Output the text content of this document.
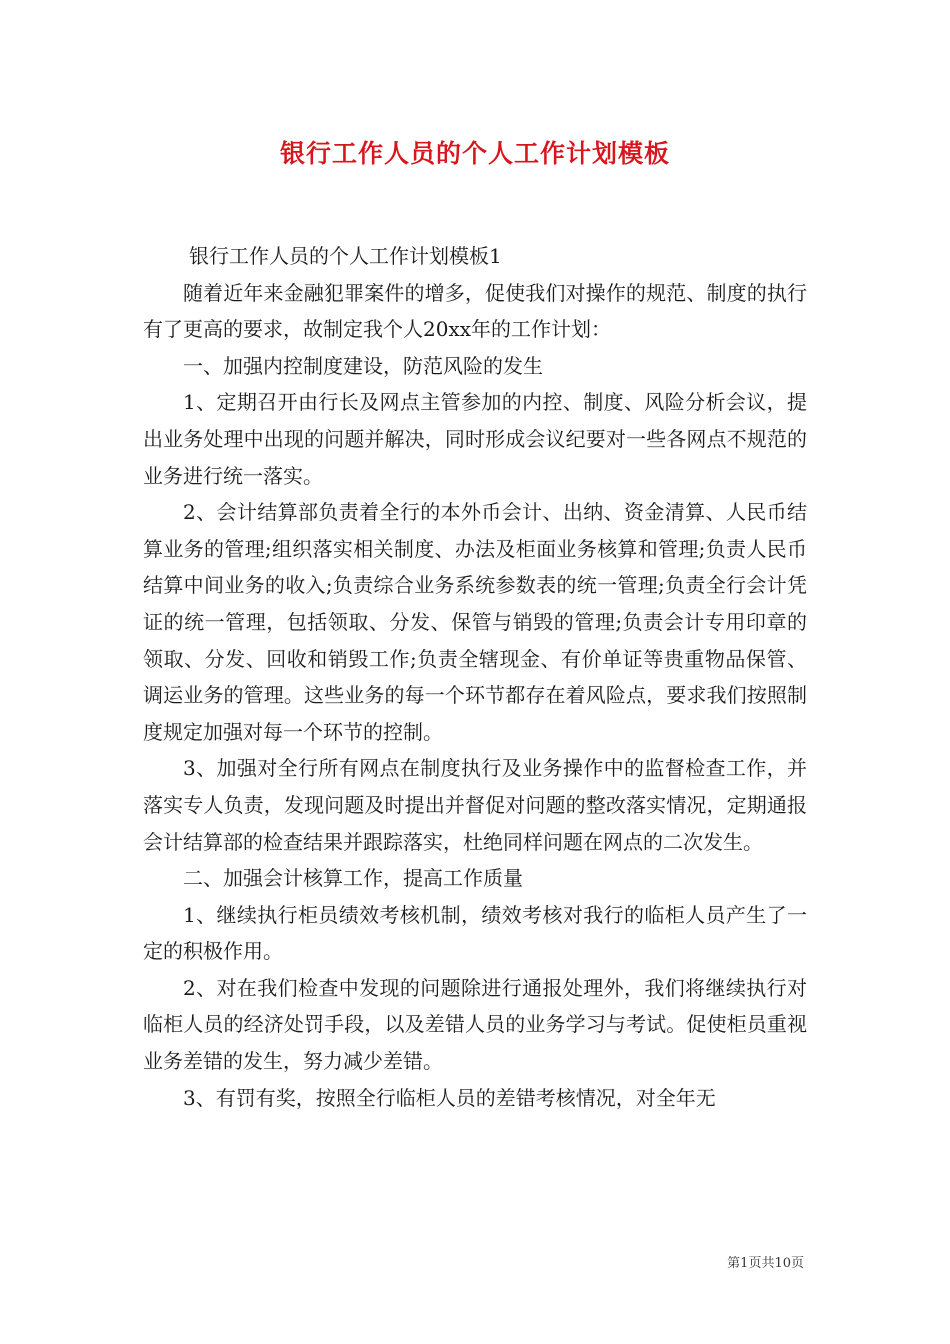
银行工作人员的个人工作计划模板

银行工作人员的个人工作计划模板1

随着近年来金融犯罪案件的增多，促使我们对操作的规范、制度的执行有了更高的要求，故制定我个人20xx年的工作计划：

一、加强内控制度建设，防范风险的发生

1、定期召开由行长及网点主管参加的内控、制度、风险分析会议，提出业务处理中出现的问题并解决，同时形成会议纪要对一些各网点不规范的业务进行统一落实。

2、会计结算部负责着全行的本外币会计、出纳、资金清算、人民币结算业务的管理;组织落实相关制度、办法及柜面业务核算和管理;负责人民币结算中间业务的收入;负责综合业务系统参数表的统一管理;负责全行会计凭证的统一管理，包括领取、分发、保管与销毁的管理;负责会计专用印章的领取、分发、回收和销毁工作;负责全辖现金、有价单证等贵重物品保管、调运业务的管理。这些业务的每一个环节都存在着风险点，要求我们按照制度规定加强对每一个环节的控制。

3、加强对全行所有网点在制度执行及业务操作中的监督检查工作，并落实专人负责，发现问题及时提出并督促对问题的整改落实情况，定期通报会计结算部的检查结果并跟踪落实，杜绝同样问题在网点的二次发生。

二、加强会计核算工作，提高工作质量

1、继续执行柜员绩效考核机制，绩效考核对我行的临柜人员产生了一定的积极作用。

2、对在我们检查中发现的问题除进行通报处理外，我们将继续执行对临柜人员的经济处罚手段，以及差错人员的业务学习与考试。促使柜员重视业务差错的发生，努力减少差错。

3、有罚有奖，按照全行临柜人员的差错考核情况，对全年无

第1页共10页
